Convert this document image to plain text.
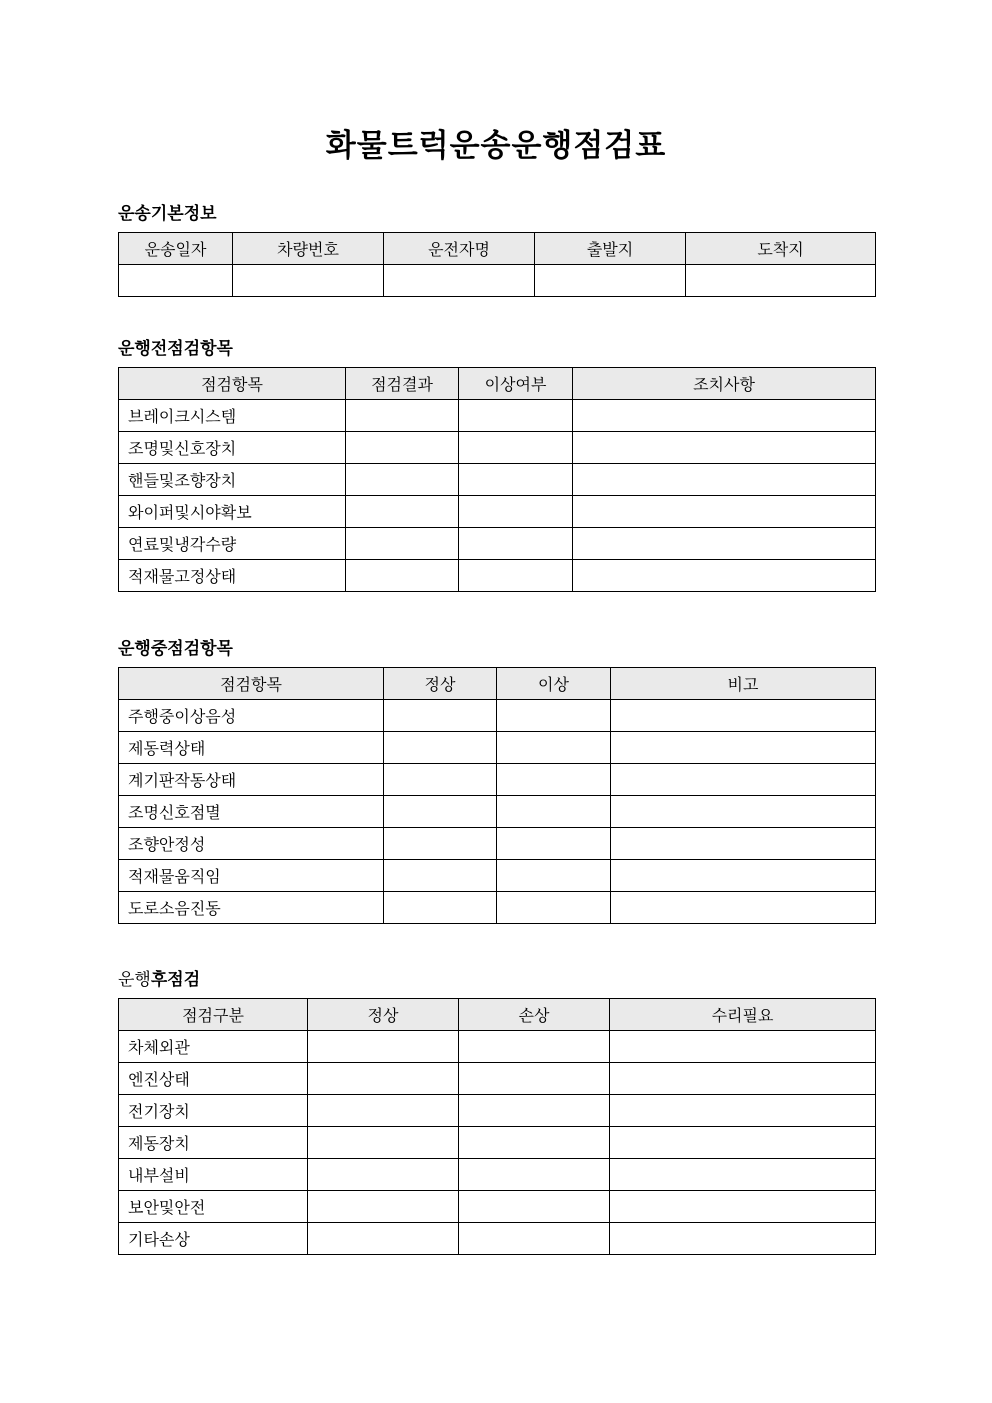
화물트럭운송운행점검표
운송기본정보
운송일자	차량번호	운전자명	출발지	도착지

운행전점검항목
점검항목	점검결과	이상여부	조치사항
브레이크시스템			
조명및신호장치			
핸들및조향장치			
와이퍼및시야확보			
연료및냉각수량			
적재물고정상태			
운행중점검항목
점검항목	정상	이상	비고
주행중이상음성			
제동력상태			
계기판작동상태			
조명신호점멸			
조향안정성			
적재물움직임			
도로소음진동			
운행후점검
점검구분	정상	손상	수리필요
차체외관			
엔진상태			
전기장치			
제동장치			
내부설비			
보안및안전			
기타손상			
